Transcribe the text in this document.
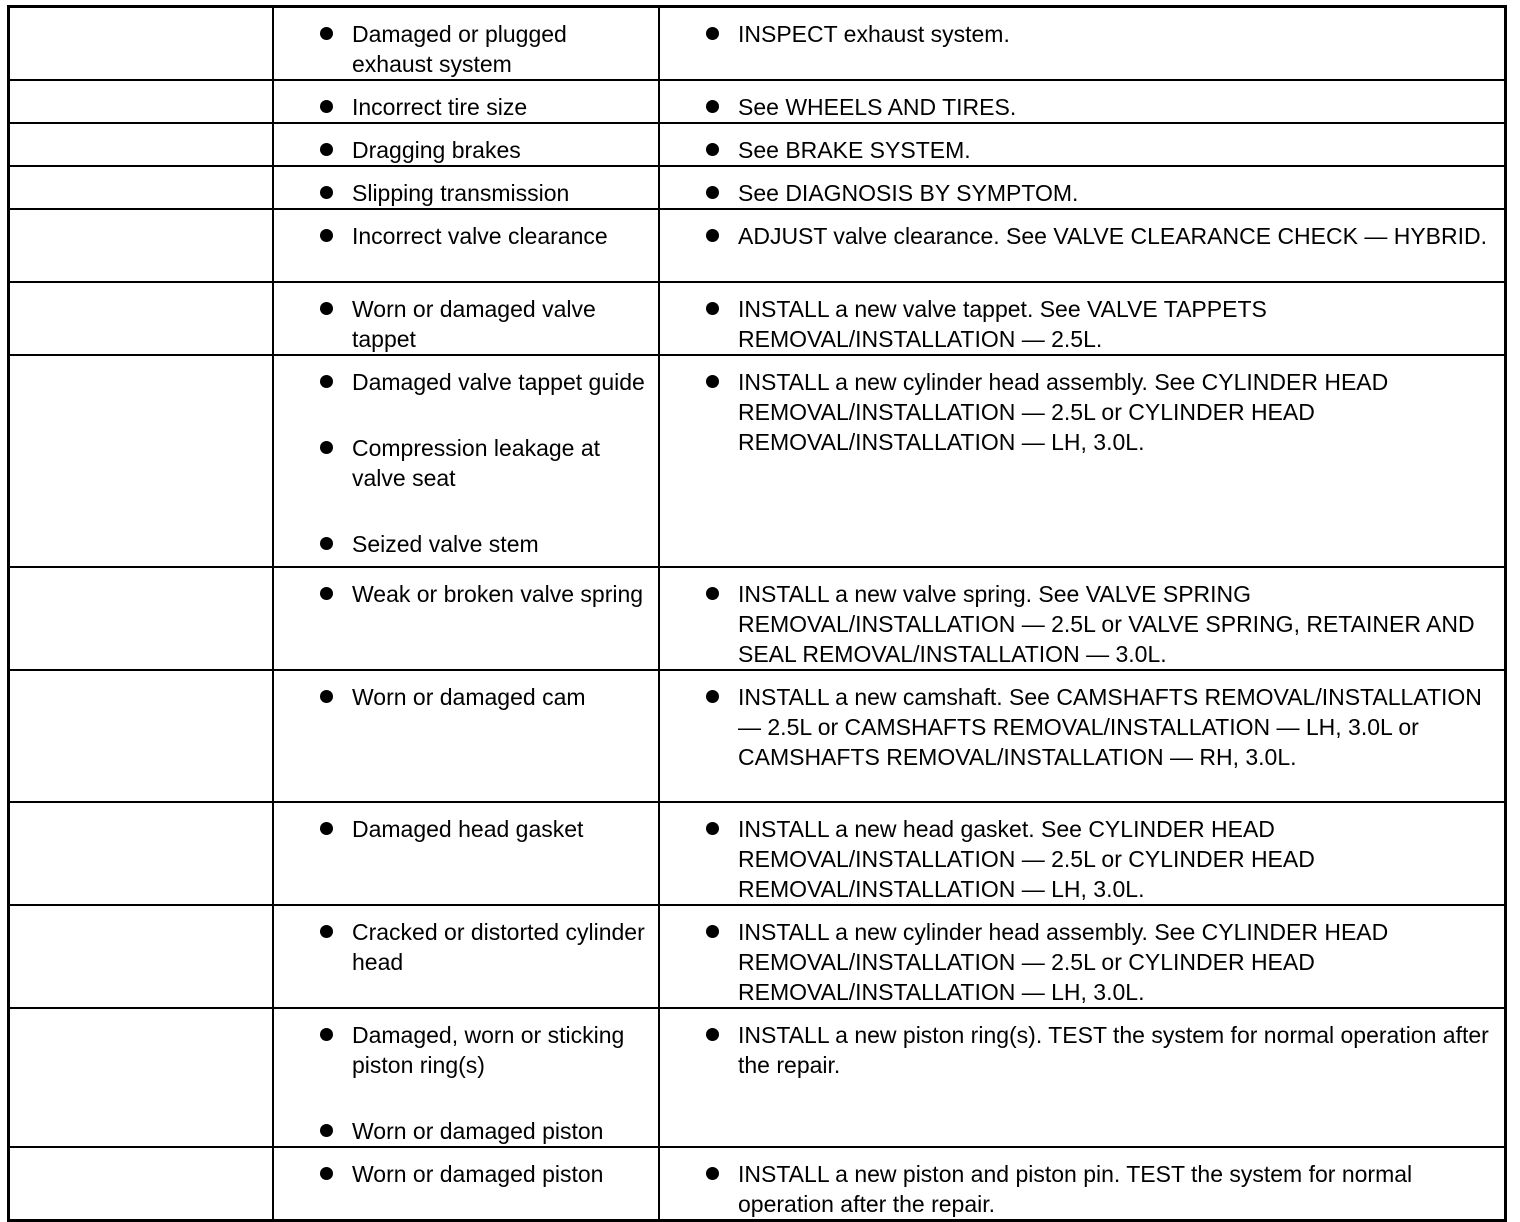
	Damaged or plugged exhaust system	INSPECT exhaust system.

	Incorrect tire size	See WHEELS AND TIRES.

	Dragging brakes	See BRAKE SYSTEM.

	Slipping transmission	See DIAGNOSIS BY SYMPTOM.

	Incorrect valve clearance	ADJUST valve clearance. See VALVE CLEARANCE CHECK — HYBRID.

	Worn or damaged valve tappet	INSTALL a new valve tappet. See VALVE TAPPETS REMOVAL/INSTALLATION — 2.5L.

	Damaged valve tappet guide
Compression leakage at valve seat
Seized valve stem	INSTALL a new cylinder head assembly. See CYLINDER HEAD REMOVAL/INSTALLATION — 2.5L or CYLINDER HEAD REMOVAL/INSTALLATION — LH, 3.0L.

	Weak or broken valve spring	INSTALL a new valve spring. See VALVE SPRING REMOVAL/INSTALLATION — 2.5L or VALVE SPRING, RETAINER AND SEAL REMOVAL/INSTALLATION — 3.0L.

	Worn or damaged cam	INSTALL a new camshaft. See CAMSHAFTS REMOVAL/INSTALLATION — 2.5L or CAMSHAFTS REMOVAL/INSTALLATION — LH, 3.0L or CAMSHAFTS REMOVAL/INSTALLATION — RH, 3.0L.

	Damaged head gasket	INSTALL a new head gasket. See CYLINDER HEAD REMOVAL/INSTALLATION — 2.5L or CYLINDER HEAD REMOVAL/INSTALLATION — LH, 3.0L.

	Cracked or distorted cylinder head	INSTALL a new cylinder head assembly. See CYLINDER HEAD REMOVAL/INSTALLATION — 2.5L or CYLINDER HEAD REMOVAL/INSTALLATION — LH, 3.0L.

	Damaged, worn or sticking piston ring(s)
Worn or damaged piston	INSTALL a new piston ring(s). TEST the system for normal operation after the repair.

	Worn or damaged piston	INSTALL a new piston and piston pin. TEST the system for normal operation after the repair.
